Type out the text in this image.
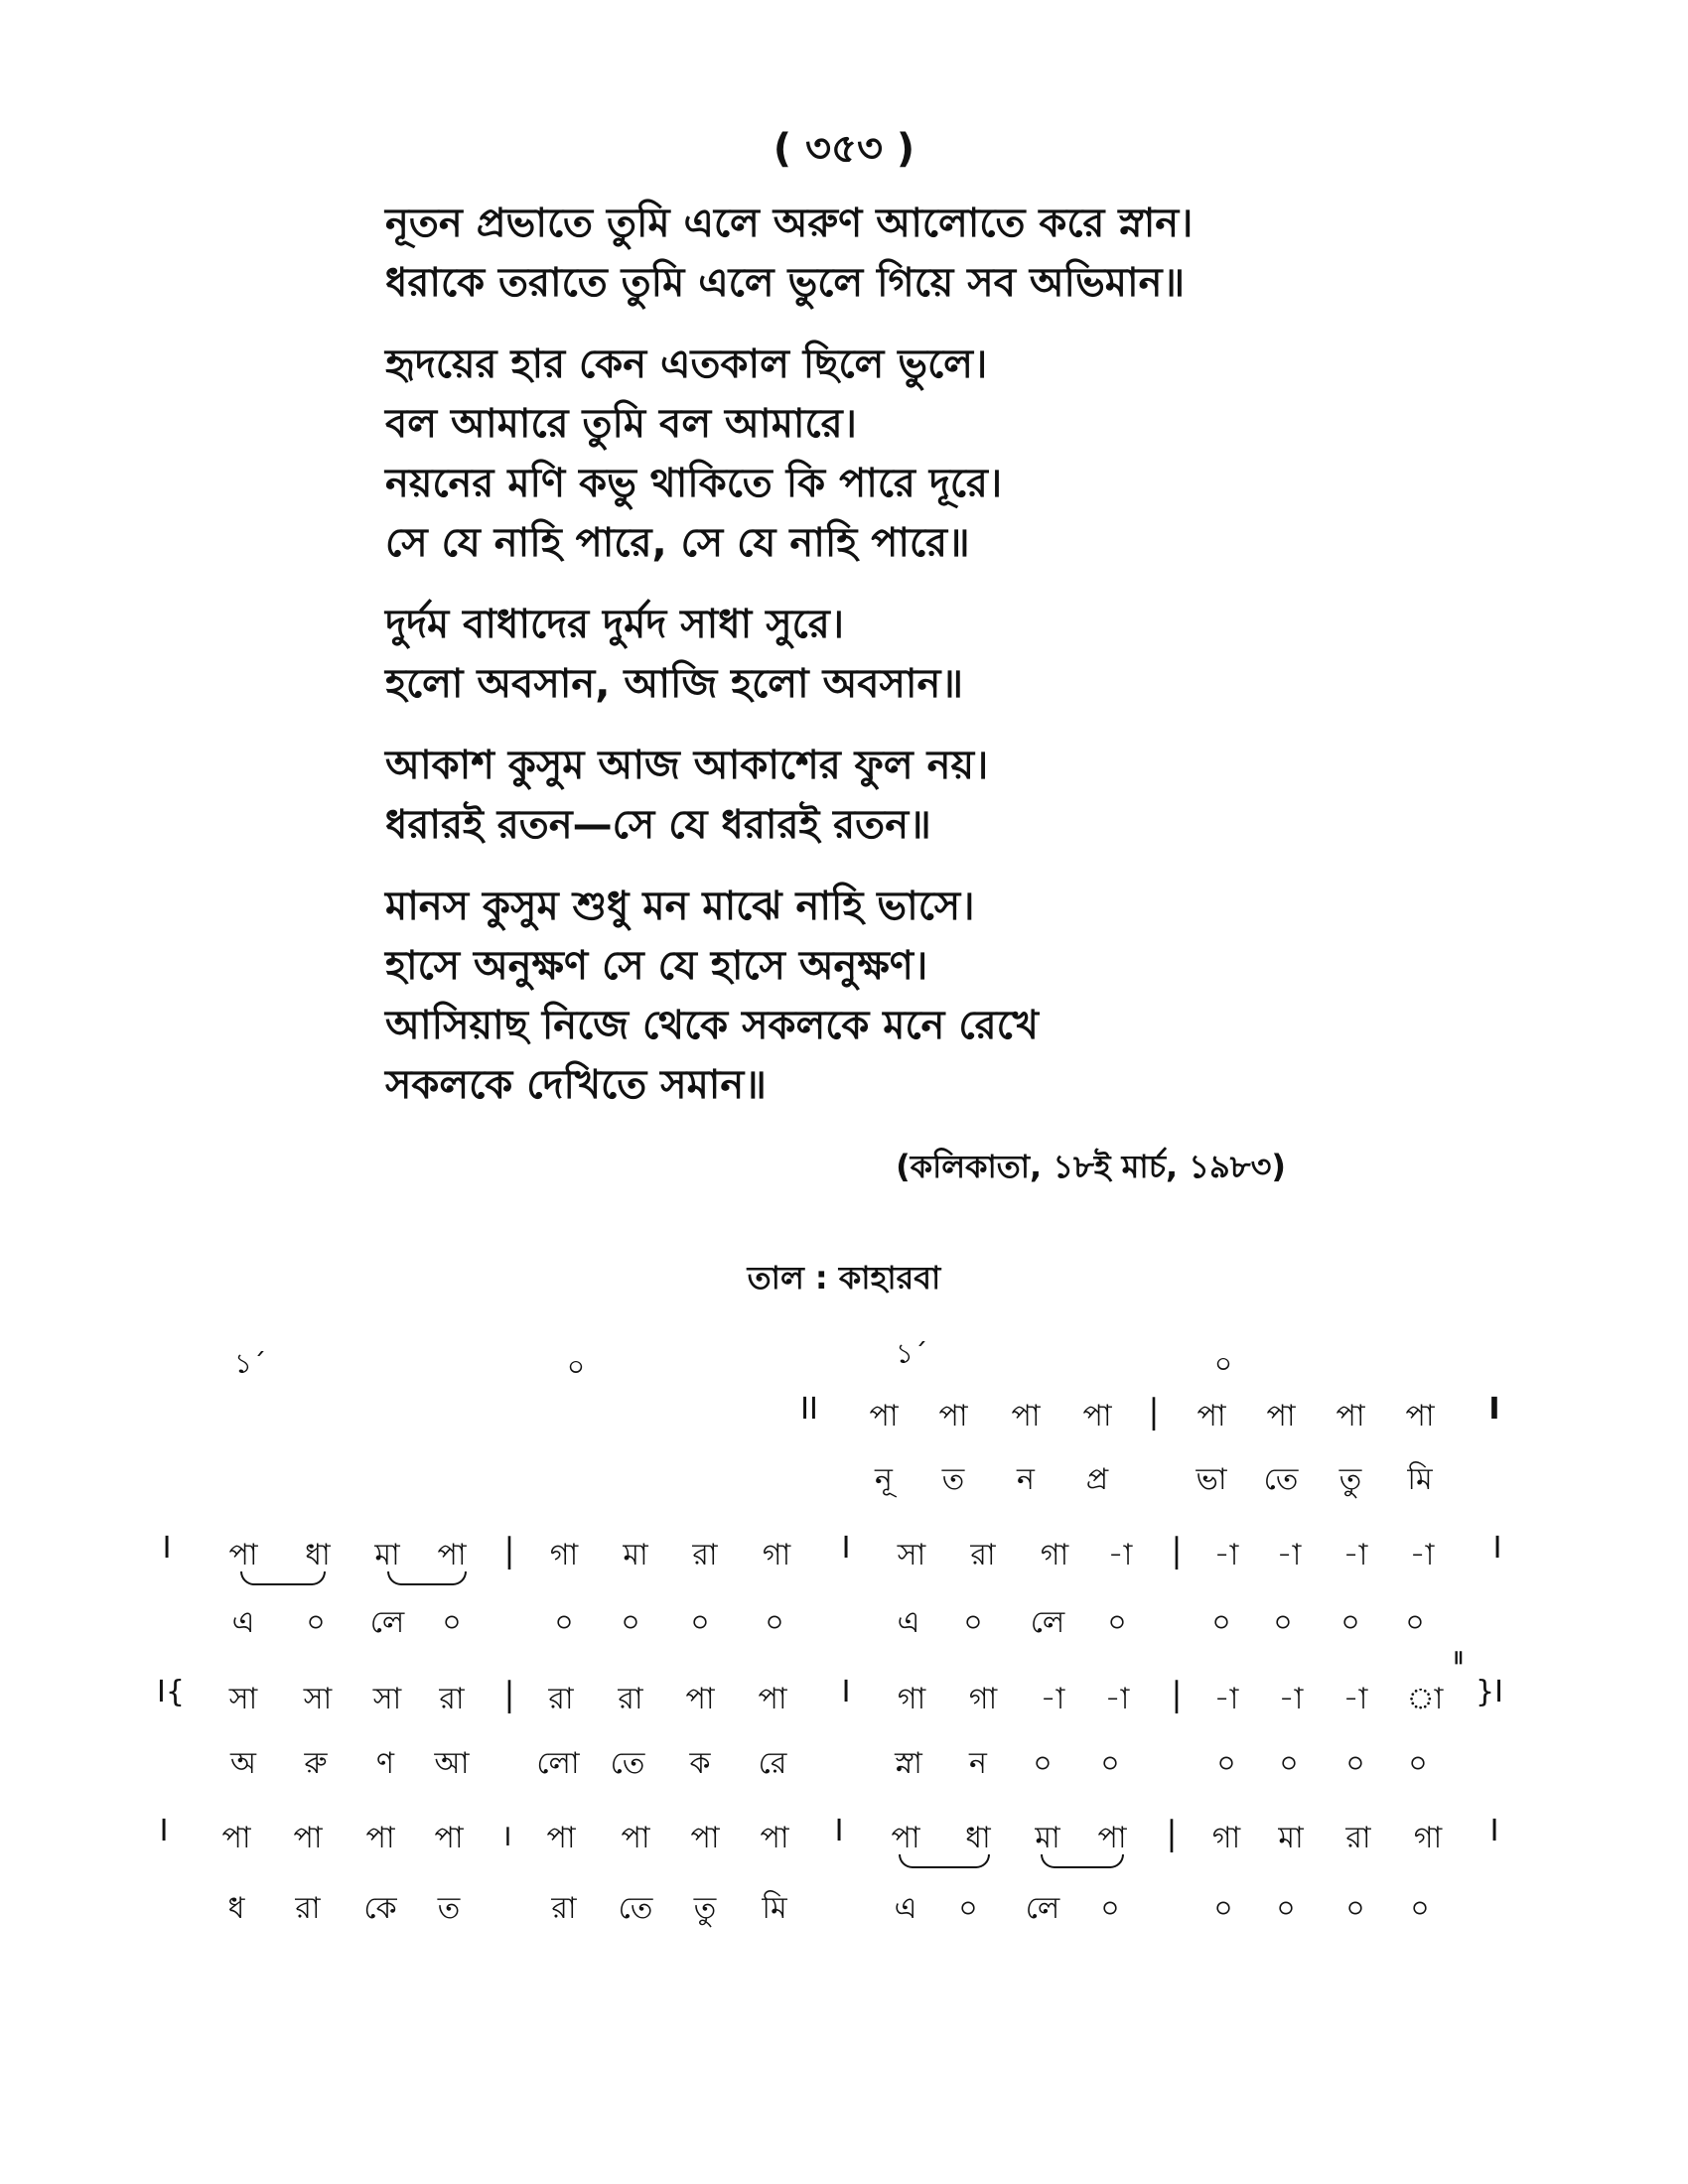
( ৩৫৩ )
নূতন প্রভাতে তুমি এলে অরুণ আলোতে করে স্নান।
ধরাকে তরাতে তুমি এলে ভুলে গিয়ে সব অভিমান॥
হৃদয়ের হার কেন এতকাল ছিলে ভুলে।
বল আমারে তুমি বল আমারে।
নয়নের মণি কভু থাকিতে কি পারে দূরে।
সে যে নাহি পারে, সে যে নাহি পারে॥
দুর্দম বাধাদের দুর্মদ সাধা সুরে।
হলো অবসান, আজি হলো অবসান॥
আকাশ কুসুম আজ আকাশের ফুল নয়।
ধরারই রতন—সে যে ধরারই রতন॥
মানস কুসুম শুধু মন মাঝে নাহি ভাসে।
হাসে অনুক্ষণ সে যে হাসে অনুক্ষণ।
আসিয়াছ নিজে থেকে সকলকে মনে রেখে
সকলকে দেখিতে সমান॥
(কলিকাতা, ১৮ই মার্চ, ১৯৮৩)
তাল : কাহারবা
১´	০	১´	০
II	পা	পা	পা	পা	|	পা	পা	পা	পা	I
নূ	ত	ন	প্র	ভা	তে	তু	মি
I	পা	ধা	মা	পা	|	গা	মা	রা	গা	I	সা	রা	গা	-া	|	-া	-া	-া	-া	I
এ	০	লে	০	০	০	০	০	এ	০	লে	০	০	০	০	০
॥
I{	সা	সা	সা	রা	|	রা	রা	পা	পা	I	গা	গা	-া	-া	|	-া	-া	-া	া	}I
অ	রু	ণ	আ	লো	তে	ক	রে	স্না	ন	০	০	০	০	০	০
I	পা	পা	পা	পা	।	পা	পা	পা	পা	I	পা	ধা	মা	পা	|	গা	মা	রা	গা	I
ধ	রা	কে	ত	রা	তে	তু	মি	এ	০	লে	০	০	০	০	০
